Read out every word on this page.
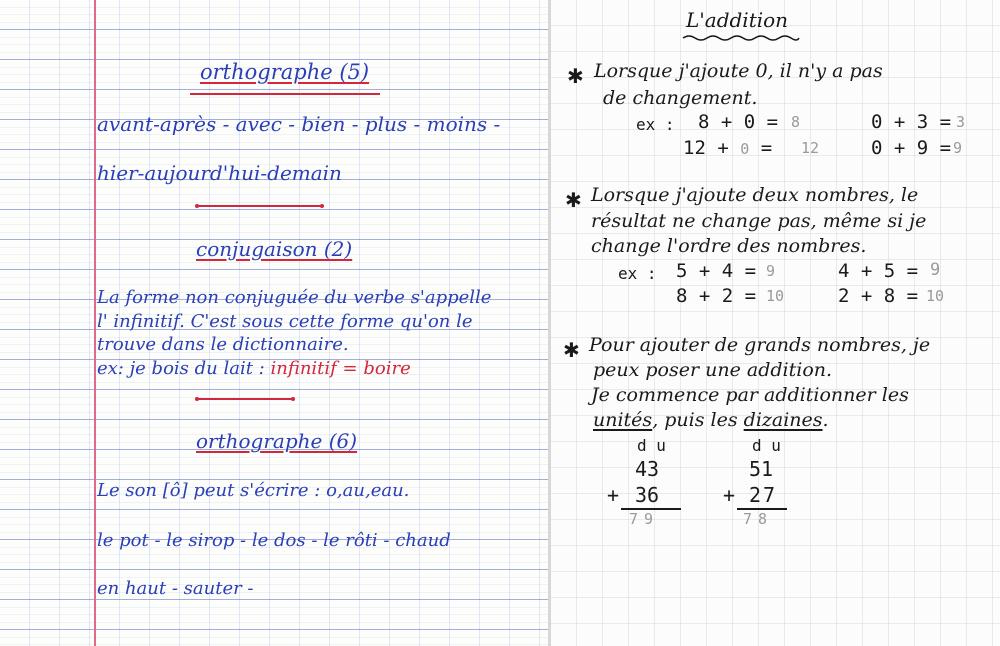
orthographe (5)
avant-après - avec - bien - plus - moins -
hier-aujourd'hui-demain
conjugaison (2)
La forme non conjuguée du verbe s'appelle
l' infinitif. C'est sous cette forme qu'on le
trouve dans le dictionnaire.
ex: je bois du lait : infinitif = boire
orthographe (6)
Le son [ô] peut s'écrire : o,au,eau.
le pot - le sirop - le dos - le rôti - chaud
en haut - sauter -
L'addition
✱ Lorsque j'ajoute 0, il n'y a pas
de changement.
ex : 8 + 0 = 8	0 + 3 = 3
12 + 0 = 12	0 + 9 = 9
✱ Lorsque j'ajoute deux nombres, le
résultat ne change pas, même si je
change l'ordre des nombres.
ex : 5 + 4 = 9	4 + 5 = 9
8 + 2 = 10	2 + 8 = 10
✱ Pour ajouter de grands nombres, je
peux poser une addition.
Je commence par additionner les
unités, puis les dizaines.
d u
43
+ 36
79
d u
51
+ 27
78
